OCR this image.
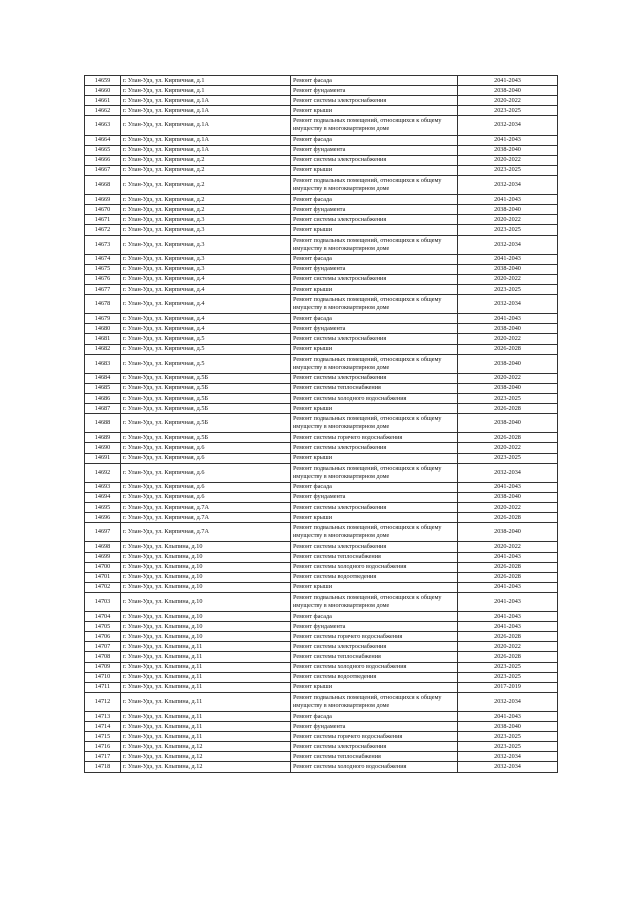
14659	г. Улан-Удэ, ул. Кирпичная, д.1	Ремонт фасада	2041-2043
14660	г. Улан-Удэ, ул. Кирпичная, д.1	Ремонт фундамента	2038-2040
14661	г. Улан-Удэ, ул. Кирпичная, д.1А	Ремонт системы электроснабжения	2020-2022
14662	г. Улан-Удэ, ул. Кирпичная, д.1А	Ремонт крыши	2023-2025
14663	г. Улан-Удэ, ул. Кирпичная, д.1А	Ремонт подвальных помещений, относящихся к общему имуществу в многоквартирном доме	2032-2034
14664	г. Улан-Удэ, ул. Кирпичная, д.1А	Ремонт фасада	2041-2043
14665	г. Улан-Удэ, ул. Кирпичная, д.1А	Ремонт фундамента	2038-2040
14666	г. Улан-Удэ, ул. Кирпичная, д.2	Ремонт системы электроснабжения	2020-2022
14667	г. Улан-Удэ, ул. Кирпичная, д.2	Ремонт крыши	2023-2025
14668	г. Улан-Удэ, ул. Кирпичная, д.2	Ремонт подвальных помещений, относящихся к общему имуществу в многоквартирном доме	2032-2034
14669	г. Улан-Удэ, ул. Кирпичная, д.2	Ремонт фасада	2041-2043
14670	г. Улан-Удэ, ул. Кирпичная, д.2	Ремонт фундамента	2038-2040
14671	г. Улан-Удэ, ул. Кирпичная, д.3	Ремонт системы электроснабжения	2020-2022
14672	г. Улан-Удэ, ул. Кирпичная, д.3	Ремонт крыши	2023-2025
14673	г. Улан-Удэ, ул. Кирпичная, д.3	Ремонт подвальных помещений, относящихся к общему имуществу в многоквартирном доме	2032-2034
14674	г. Улан-Удэ, ул. Кирпичная, д.3	Ремонт фасада	2041-2043
14675	г. Улан-Удэ, ул. Кирпичная, д.3	Ремонт фундамента	2038-2040
14676	г. Улан-Удэ, ул. Кирпичная, д.4	Ремонт системы электроснабжения	2020-2022
14677	г. Улан-Удэ, ул. Кирпичная, д.4	Ремонт крыши	2023-2025
14678	г. Улан-Удэ, ул. Кирпичная, д.4	Ремонт подвальных помещений, относящихся к общему имуществу в многоквартирном доме	2032-2034
14679	г. Улан-Удэ, ул. Кирпичная, д.4	Ремонт фасада	2041-2043
14680	г. Улан-Удэ, ул. Кирпичная, д.4	Ремонт фундамента	2038-2040
14681	г. Улан-Удэ, ул. Кирпичная, д.5	Ремонт системы электроснабжения	2020-2022
14682	г. Улан-Удэ, ул. Кирпичная, д.5	Ремонт крыши	2026-2028
14683	г. Улан-Удэ, ул. Кирпичная, д.5	Ремонт подвальных помещений, относящихся к общему имуществу в многоквартирном доме	2038-2040
14684	г. Улан-Удэ, ул. Кирпичная, д.5Б	Ремонт системы электроснабжения	2020-2022
14685	г. Улан-Удэ, ул. Кирпичная, д.5Б	Ремонт системы теплоснабжения	2038-2040
14686	г. Улан-Удэ, ул. Кирпичная, д.5Б	Ремонт системы холодного водоснабжения	2023-2025
14687	г. Улан-Удэ, ул. Кирпичная, д.5Б	Ремонт крыши	2026-2028
14688	г. Улан-Удэ, ул. Кирпичная, д.5Б	Ремонт подвальных помещений, относящихся к общему имуществу в многоквартирном доме	2038-2040
14689	г. Улан-Удэ, ул. Кирпичная, д.5Б	Ремонт системы горячего водоснабжения	2026-2028
14690	г. Улан-Удэ, ул. Кирпичная, д.6	Ремонт системы электроснабжения	2020-2022
14691	г. Улан-Удэ, ул. Кирпичная, д.6	Ремонт крыши	2023-2025
14692	г. Улан-Удэ, ул. Кирпичная, д.6	Ремонт подвальных помещений, относящихся к общему имуществу в многоквартирном доме	2032-2034
14693	г. Улан-Удэ, ул. Кирпичная, д.6	Ремонт фасада	2041-2043
14694	г. Улан-Удэ, ул. Кирпичная, д.6	Ремонт фундамента	2038-2040
14695	г. Улан-Удэ, ул. Кирпичная, д.7А	Ремонт системы электроснабжения	2020-2022
14696	г. Улан-Удэ, ул. Кирпичная, д.7А	Ремонт крыши	2026-2028
14697	г. Улан-Удэ, ул. Кирпичная, д.7А	Ремонт подвальных помещений, относящихся к общему имуществу в многоквартирном доме	2038-2040
14698	г. Улан-Удэ, ул. Клыпина, д.10	Ремонт системы электроснабжения	2020-2022
14699	г. Улан-Удэ, ул. Клыпина, д.10	Ремонт системы теплоснабжения	2041-2043
14700	г. Улан-Удэ, ул. Клыпина, д.10	Ремонт системы холодного водоснабжения	2026-2028
14701	г. Улан-Удэ, ул. Клыпина, д.10	Ремонт системы водоотведения	2026-2028
14702	г. Улан-Удэ, ул. Клыпина, д.10	Ремонт крыши	2041-2043
14703	г. Улан-Удэ, ул. Клыпина, д.10	Ремонт подвальных помещений, относящихся к общему имуществу в многоквартирном доме	2041-2043
14704	г. Улан-Удэ, ул. Клыпина, д.10	Ремонт фасада	2041-2043
14705	г. Улан-Удэ, ул. Клыпина, д.10	Ремонт фундамента	2041-2043
14706	г. Улан-Удэ, ул. Клыпина, д.10	Ремонт системы горячего водоснабжения	2026-2028
14707	г. Улан-Удэ, ул. Клыпина, д.11	Ремонт системы электроснабжения	2020-2022
14708	г. Улан-Удэ, ул. Клыпина, д.11	Ремонт системы теплоснабжения	2026-2028
14709	г. Улан-Удэ, ул. Клыпина, д.11	Ремонт системы холодного водоснабжения	2023-2025
14710	г. Улан-Удэ, ул. Клыпина, д.11	Ремонт системы водоотведения	2023-2025
14711	г. Улан-Удэ, ул. Клыпина, д.11	Ремонт крыши	2017-2019
14712	г. Улан-Удэ, ул. Клыпина, д.11	Ремонт подвальных помещений, относящихся к общему имуществу в многоквартирном доме	2032-2034
14713	г. Улан-Удэ, ул. Клыпина, д.11	Ремонт фасада	2041-2043
14714	г. Улан-Удэ, ул. Клыпина, д.11	Ремонт фундамента	2038-2040
14715	г. Улан-Удэ, ул. Клыпина, д.11	Ремонт системы горячего водоснабжения	2023-2025
14716	г. Улан-Удэ, ул. Клыпина, д.12	Ремонт системы электроснабжения	2023-2025
14717	г. Улан-Удэ, ул. Клыпина, д.12	Ремонт системы теплоснабжения	2032-2034
14718	г. Улан-Удэ, ул. Клыпина, д.12	Ремонт системы холодного водоснабжения	2032-2034
